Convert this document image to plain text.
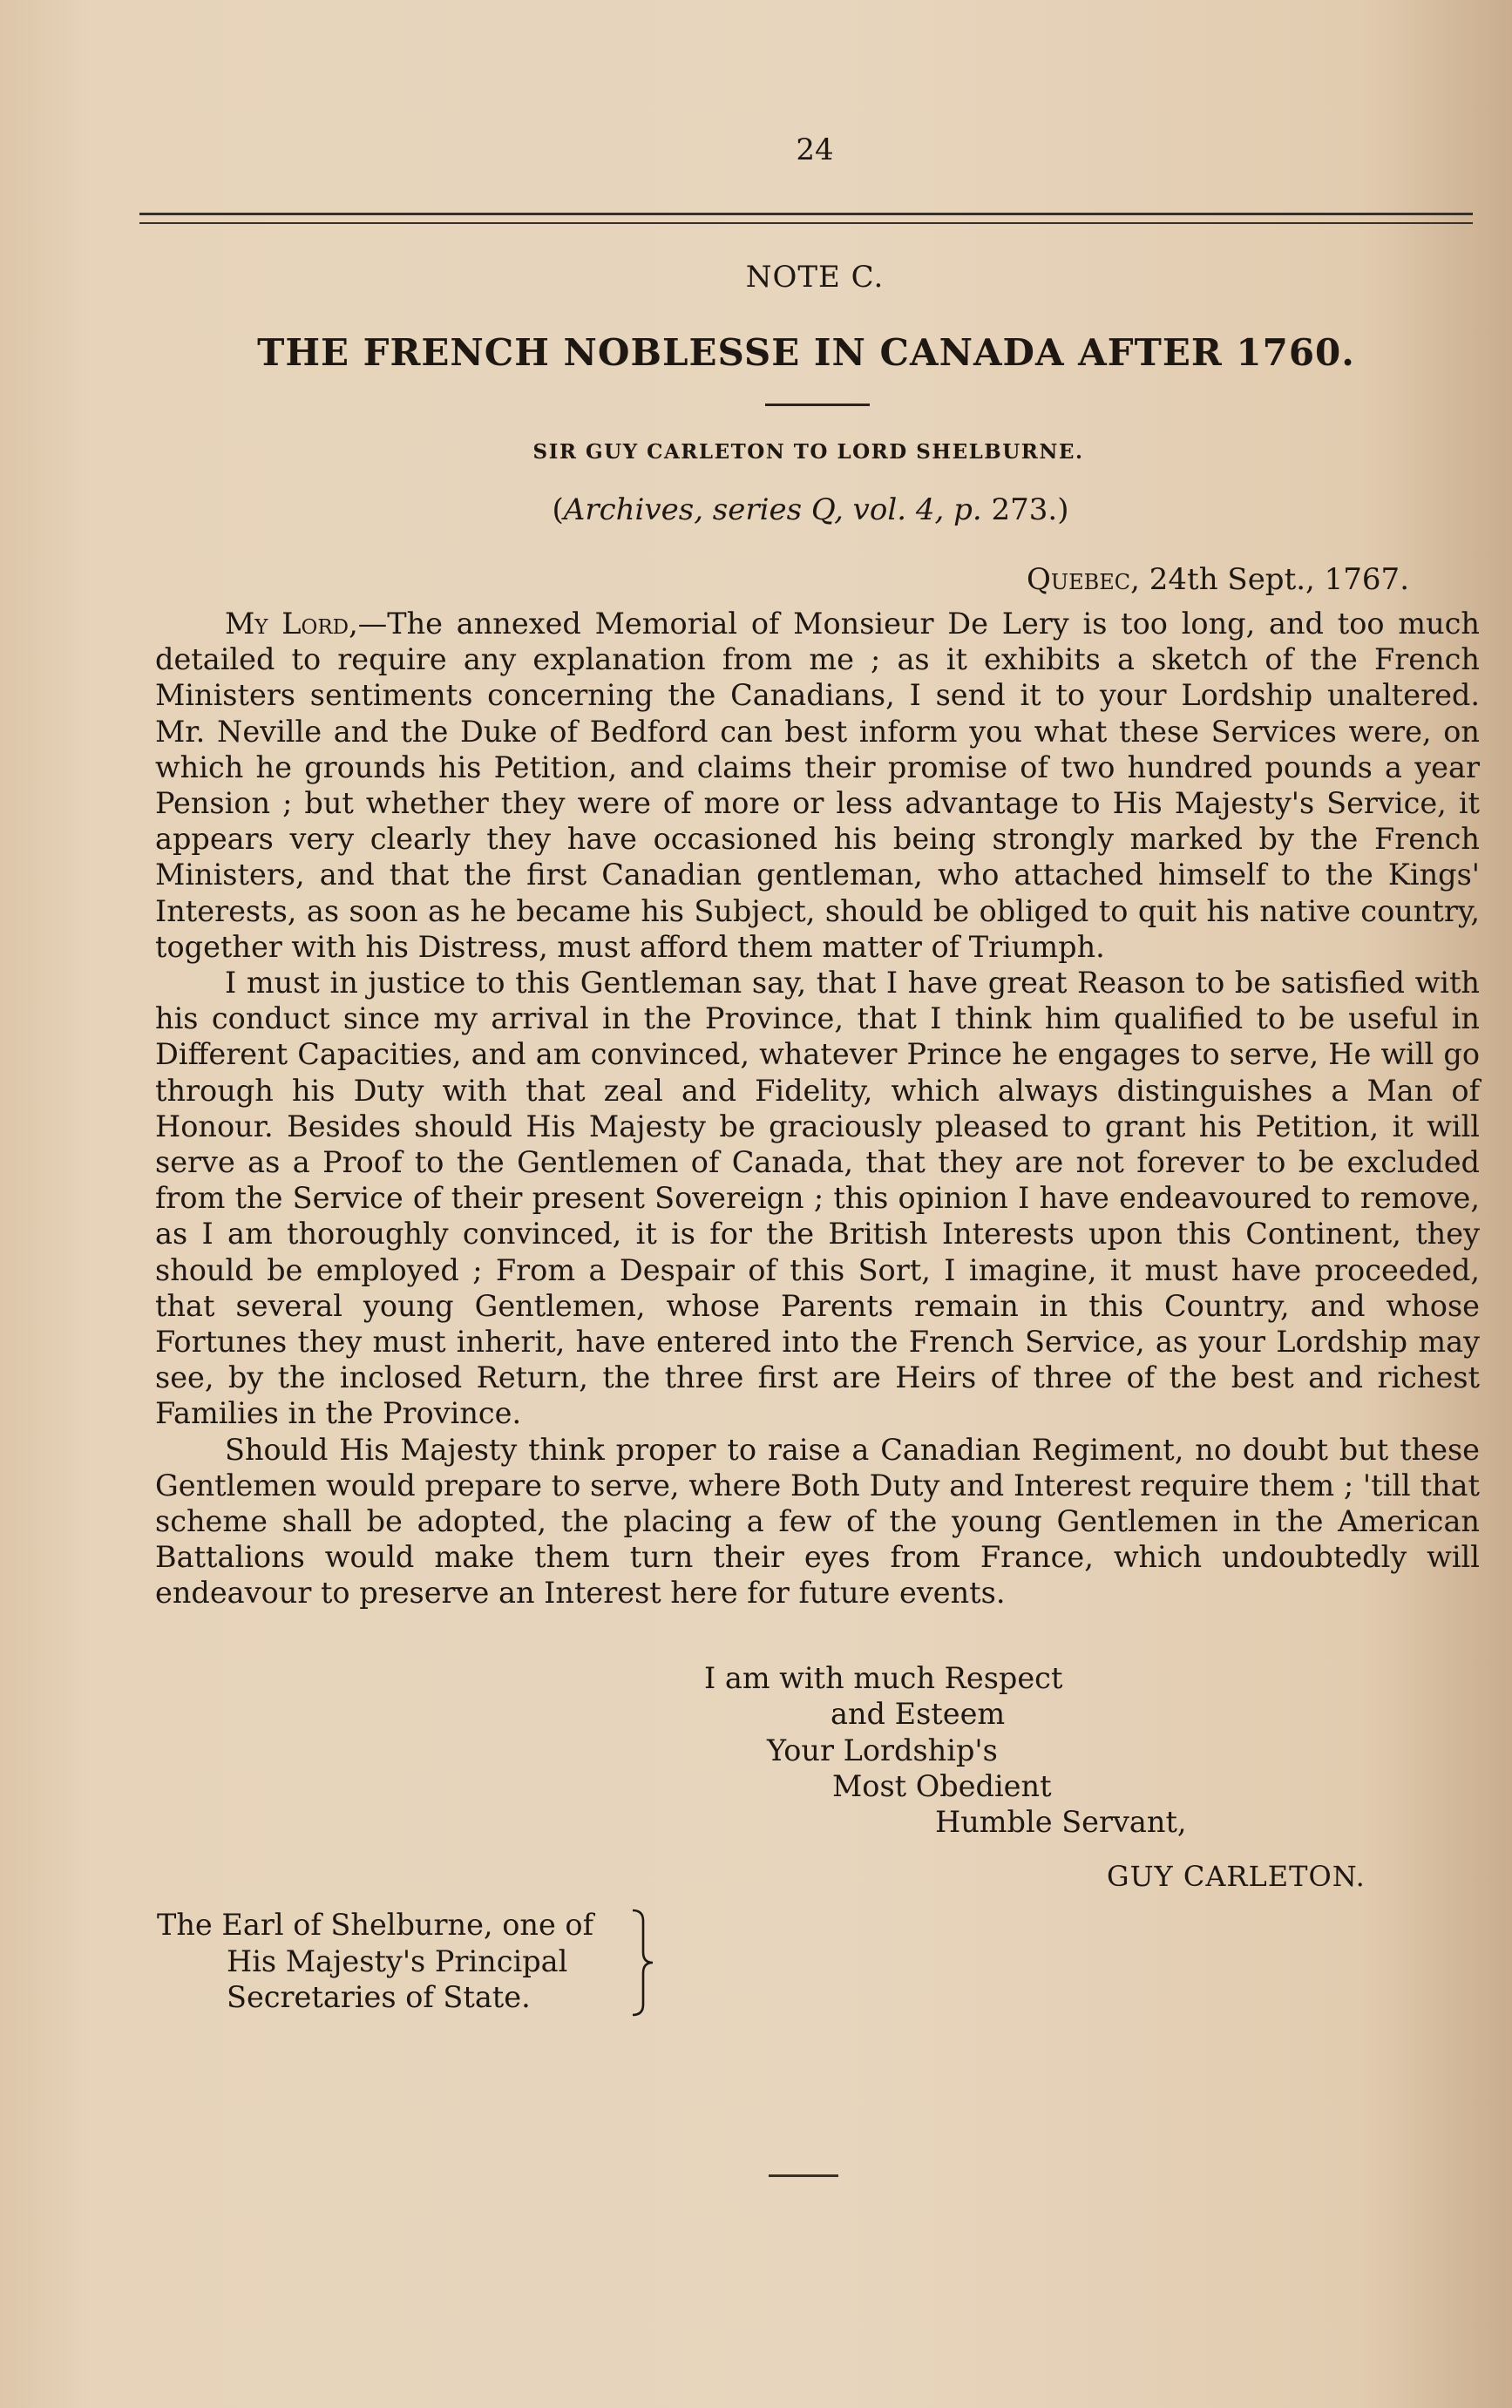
24
NOTE C.
THE FRENCH NOBLESSE IN CANADA AFTER 1760.
SIR GUY CARLETON TO LORD SHELBURNE.
(Archives, series Q, vol. 4, p. 273.)
Quebec, 24th Sept., 1767.

My Lord,—The annexed Memorial of Monsieur De Lery is too long, and too much detailed to require any explanation from me ; as it exhibits a sketch of the French Ministers sentiments concerning the Canadians, I send it to your Lordship unaltered. Mr. Neville and the Duke of Bedford can best inform you what these Services were, on which he grounds his Petition, and claims their promise of two hundred pounds a year Pension ; but whether they were of more or less advantage to His Majesty's Service, it appears very clearly they have occasioned his being strongly marked by the French Ministers, and that the first Canadian gentleman, who attached himself to the Kings' Interests, as soon as he became his Subject, should be obliged to quit his native country, together with his Distress, must afford them matter of Triumph.

I must in justice to this Gentleman say, that I have great Reason to be satisfied with his conduct since my arrival in the Province, that I think him qualified to be useful in Different Capacities, and am convinced, whatever Prince he engages to serve, He will go through his Duty with that zeal and Fidelity, which always distinguishes a Man of Honour. Besides should His Majesty be graciously pleased to grant his Petition, it will serve as a Proof to the Gentlemen of Canada, that they are not forever to be excluded from the Service of their present Sovereign ; this opinion I have endeavoured to remove, as I am thoroughly convinced, it is for the British Interests upon this Continent, they should be employed ; From a Despair of this Sort, I imagine, it must have proceeded, that several young Gentlemen, whose Parents remain in this Country, and whose Fortunes they must inherit, have entered into the French Service, as your Lordship may see, by the inclosed Return, the three first are Heirs of three of the best and richest Families in the Province.

Should His Majesty think proper to raise a Canadian Regiment, no doubt but these Gentlemen would prepare to serve, where Both Duty and Interest require them ; 'till that scheme shall be adopted, the placing a few of the young Gentlemen in the American Battalions would make them turn their eyes from France, which undoubtedly will endeavour to preserve an Interest here for future events.

I am with much Respect
and Esteem
Your Lordship's
Most Obedient
Humble Servant,
GUY CARLETON.
The Earl of Shelburne, one of
His Majesty's Principal
Secretaries of State.
